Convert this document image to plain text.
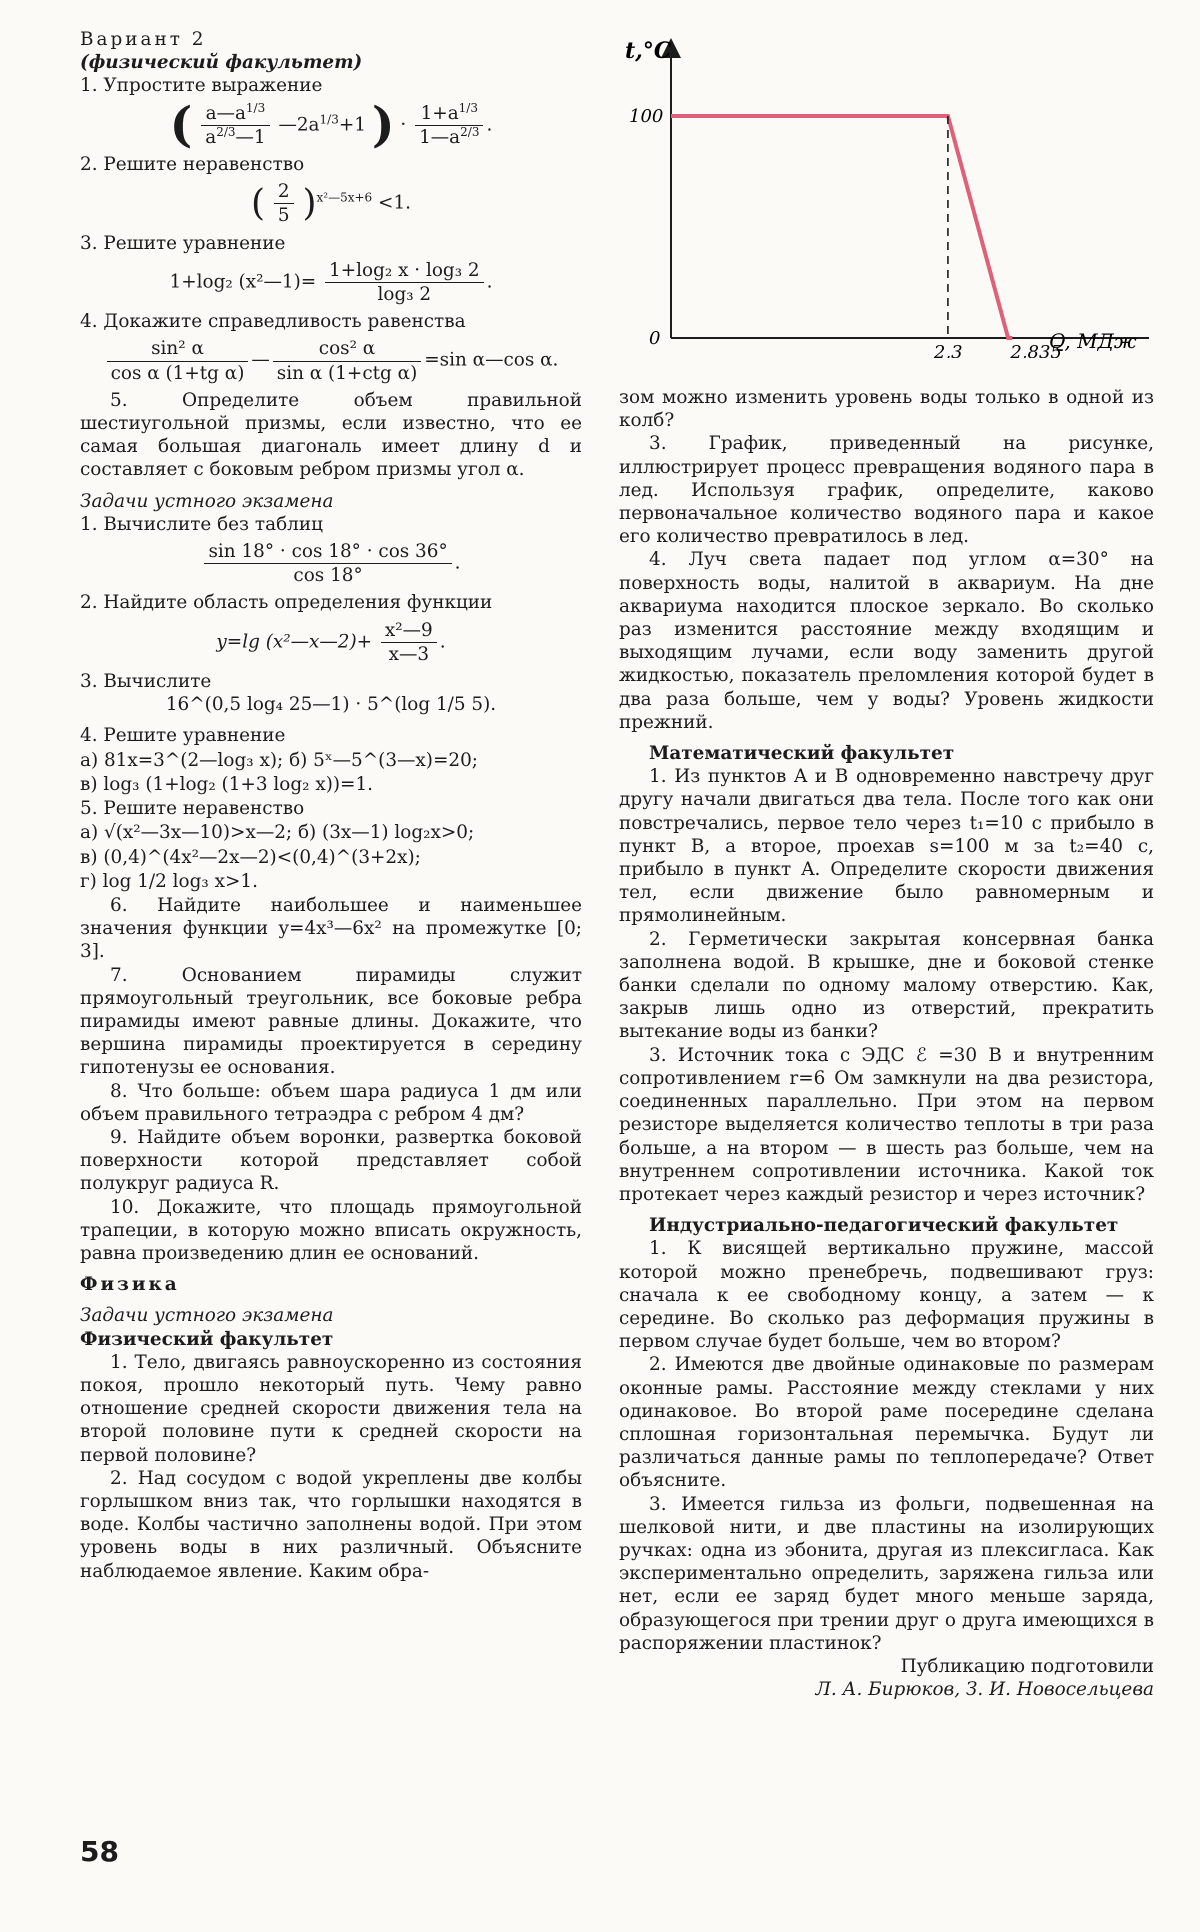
Вариант 2

(физический факультет)

1. Упростите выражение

( $\frac{a—a^{1/3}}{a^{2/3}—1}$ $—2a^{1/3}+1$ ) · $\frac{1+a^{1/3}}{1—a^{2/3}}$ .

2. Решите неравенство

( $\frac{2}{5} )^{x^2—5x+6} <1$.

3. Решите уравнение

1+log₂ (x²—1)= $\frac{\text{1+log₂ x · log₃ 2}}{\text{log₃ 2}}$ .

4. Докажите справедливость равенства

$\frac{\text{sin² α}}{\text{cos α (1+tg α)}}$ — $\frac{\text{cos² α}}{\text{sin α (1+ctg α)}} =\sin$ α—cos α.

5. Определите объем правильной шестиугольной призмы, если известно, что ее самая большая диагональ имеет длину d и составляет с боковым ребром призмы угол α.

Задачи устного экзамена

1. Вычислите без таблиц

$\frac{\sin 18^\circ \cdot \cos 18^\circ \cdot \cos 36^\circ}{\cos 18^\circ}$ .

2. Найдите область определения функции

y=lg (x²—x—2)+ $\frac{\text{x²—9}}{x—3}$ .

3. Вычислите

16^(0,5 log₄ 25—1) · 5^(log 1/5 5).

4. Решите уравнение

а) 81x=3^(2—log₃ x); б) 5ˣ—5^(3—x)=20;

в) log₃ (1+log₂ (1+3 log₂ x))=1.

5. Решите неравенство

а) √(x²—3x—10)>x—2; б) (3x—1) log₂x>0;

в) (0,4)^(4x²—2x—2)<(0,4)^(3+2x);

г) log 1/2 log₃ x>1.

6. Найдите наибольшее и наименьшее значения функции y=4x³—6x² на промежутке [0; 3].

7. Основанием пирамиды служит прямоугольный треугольник, все боковые ребра пирамиды имеют равные длины. Докажите, что вершина пирамиды проектируется в середину гипотенузы ее основания.

8. Что больше: объем шара радиуса 1 дм или объем правильного тетраэдра с ребром 4 дм?

9. Найдите объем воронки, развертка боковой поверхности которой представляет собой полукруг радиуса R.

10. Докажите, что площадь прямоугольной трапеции, в которую можно вписать окружность, равна произведению длин ее оснований.

Физика

Задачи устного экзамена

Физический факультет

1. Тело, двигаясь равноускоренно из состояния покоя, прошло некоторый путь. Чему равно отношение средней скорости движения тела на второй половине пути к средней скорости на первой половине?

2. Над сосудом с водой укреплены две колбы горлышком вниз так, что горлышки находятся в воде. Колбы частично заполнены водой. При этом уровень воды в них различный. Объясните наблюдаемое явление. Каким обра-

t,°C
Q, МДж
100
0
2,3	2,835

зом можно изменить уровень воды только в одной из колб?

3. График, приведенный на рисунке, иллюстрирует процесс превращения водяного пара в лед. Используя график, определите, каково первоначальное количество водяного пара и какое его количество превратилось в лед.

4. Луч света падает под углом α=30° на поверхность воды, налитой в аквариум. На дне аквариума находится плоское зеркало. Во сколько раз изменится расстояние между входящим и выходящим лучами, если воду заменить другой жидкостью, показатель преломления которой будет в два раза больше, чем у воды? Уровень жидкости прежний.

Математический факультет

1. Из пунктов A и B одновременно навстречу друг другу начали двигаться два тела. После того как они повстречались, первое тело через t₁=10 с прибыло в пункт B, а второе, проехав s=100 м за t₂=40 с, прибыло в пункт A. Определите скорости движения тел, если движение было равномерным и прямолинейным.

2. Герметически закрытая консервная банка заполнена водой. В крышке, дне и боковой стенке банки сделали по одному малому отверстию. Как, закрыв лишь одно из отверстий, прекратить вытекание воды из банки?

3. Источник тока с ЭДС ℰ =30 В и внутренним сопротивлением r=6 Ом замкнули на два резистора, соединенных параллельно. При этом на первом резисторе выделяется количество теплоты в три раза больше, а на втором — в шесть раз больше, чем на внутреннем сопротивлении источника. Какой ток протекает через каждый резистор и через источник?

Индустриально-педагогический факультет

1. К висящей вертикально пружине, массой которой можно пренебречь, подвешивают груз: сначала к ее свободному концу, а затем — к середине. Во сколько раз деформация пружины в первом случае будет больше, чем во втором?

2. Имеются две двойные одинаковые по размерам оконные рамы. Расстояние между стеклами у них одинаковое. Во второй раме посередине сделана сплошная горизонтальная перемычка. Будут ли различаться данные рамы по теплопередаче? Ответ объясните.

3. Имеется гильза из фольги, подвешенная на шелковой нити, и две пластины на изолирующих ручках: одна из эбонита, другая из плексигласа. Как экспериментально определить, заряжена гильза или нет, если ее заряд будет много меньше заряда, образующегося при трении друг о друга имеющихся в распоряжении пластинок?

Публикацию подготовили

Л. А. Бирюков, З. И. Новосельцева

58
